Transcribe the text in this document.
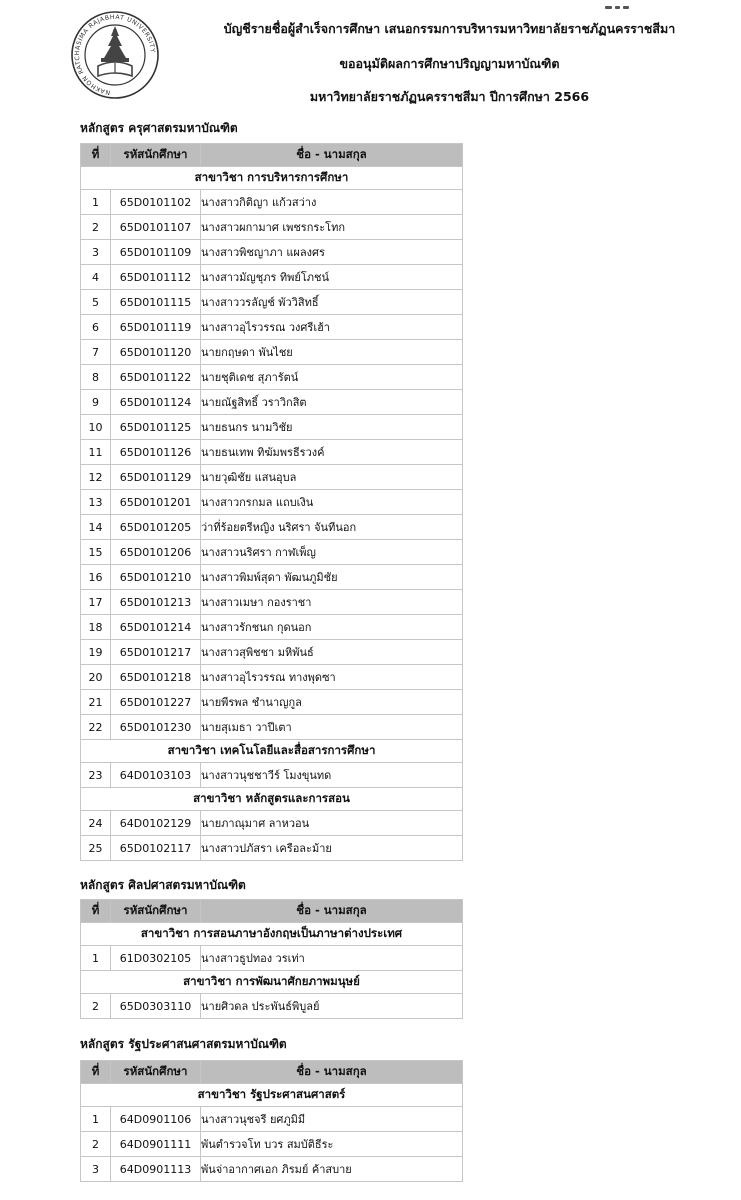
NAKHON RATCHASIMA RAJABHAT UNIVERSITY
บัญชีรายชื่อผู้สำเร็จการศึกษา เสนอกรรมการบริหารมหาวิทยาลัยราชภัฏนครราชสีมา
ขออนุมัติผลการศึกษาปริญญามหาบัณฑิต
มหาวิทยาลัยราชภัฏนครราชสีมา ปีการศึกษา 2566
หลักสูตร ครุศาสตรมหาบัณฑิต
ที่	รหัสนักศึกษา	ชื่อ - นามสกุล
สาขาวิชา การบริหารการศึกษา		
1	65D0101102	นางสาวกิติญา แก้วสว่าง
2	65D0101107	นางสาวผกามาศ เพชรกระโทก
3	65D0101109	นางสาวพิชญาภา แผลงศร
4	65D0101112	นางสาวมัญชุภร ทิพย์โภชน์
5	65D0101115	นางสาววรลัญช์ พัววิสิทธิ์
6	65D0101119	นางสาวอุไรวรรณ วงศรีเฮ้า
7	65D0101120	นายกฤษดา พันไชย
8	65D0101122	นายชุติเดช สุภารัตน์
9	65D0101124	นายณัฐสิทธิ์ วราวิกสิต
10	65D0101125	นายธนกร นามวิชัย
11	65D0101126	นายธนเทพ ทิฆัมพรธีรวงค์
12	65D0101129	นายวุฒิชัย แสนอุบล
13	65D0101201	นางสาวกรกมล แถบเงิน
14	65D0101205	ว่าที่ร้อยตรีหญิง นริศรา จันทีนอก
15	65D0101206	นางสาวนริศรา กาฬเพ็ญ
16	65D0101210	นางสาวพิมพ์สุดา พัฒนภูมิชัย
17	65D0101213	นางสาวเมษา กองราชา
18	65D0101214	นางสาวรักชนก กุดนอก
19	65D0101217	นางสาวสุพิชชา มหิพันธ์
20	65D0101218	นางสาวอุไรวรรณ ทางพุดซา
21	65D0101227	นายพีรพล ชำนาญกูล
22	65D0101230	นายสุเมธา วาปีเตา
สาขาวิชา เทคโนโลยีและสื่อสารการศึกษา		
23	64D0103103	นางสาวนุชชาวีร์ โมงขุนทด
สาขาวิชา หลักสูตรและการสอน		
24	64D0102129	นายภาณุมาศ ลาหวอน
25	65D0102117	นางสาวปภัสรา เครือละม้าย
หลักสูตร ศิลปศาสตรมหาบัณฑิต
ที่	รหัสนักศึกษา	ชื่อ - นามสกุล
สาขาวิชา การสอนภาษาอังกฤษเป็นภาษาต่างประเทศ		
1	61D0302105	นางสาวธูปทอง วรเท่า
สาขาวิชา การพัฒนาศักยภาพมนุษย์		
2	65D0303110	นายศิวดล ประพันธ์พิบูลย์
หลักสูตร รัฐประศาสนศาสตรมหาบัณฑิต
ที่	รหัสนักศึกษา	ชื่อ - นามสกุล
สาขาวิชา รัฐประศาสนศาสตร์		
1	64D0901106	นางสาวนุชจรี ยศภูมิมี
2	64D0901111	พันตำรวจโท บวร สมบัติธีระ
3	64D0901113	พันจ่าอากาศเอก ภิรมย์ ค้าสบาย
